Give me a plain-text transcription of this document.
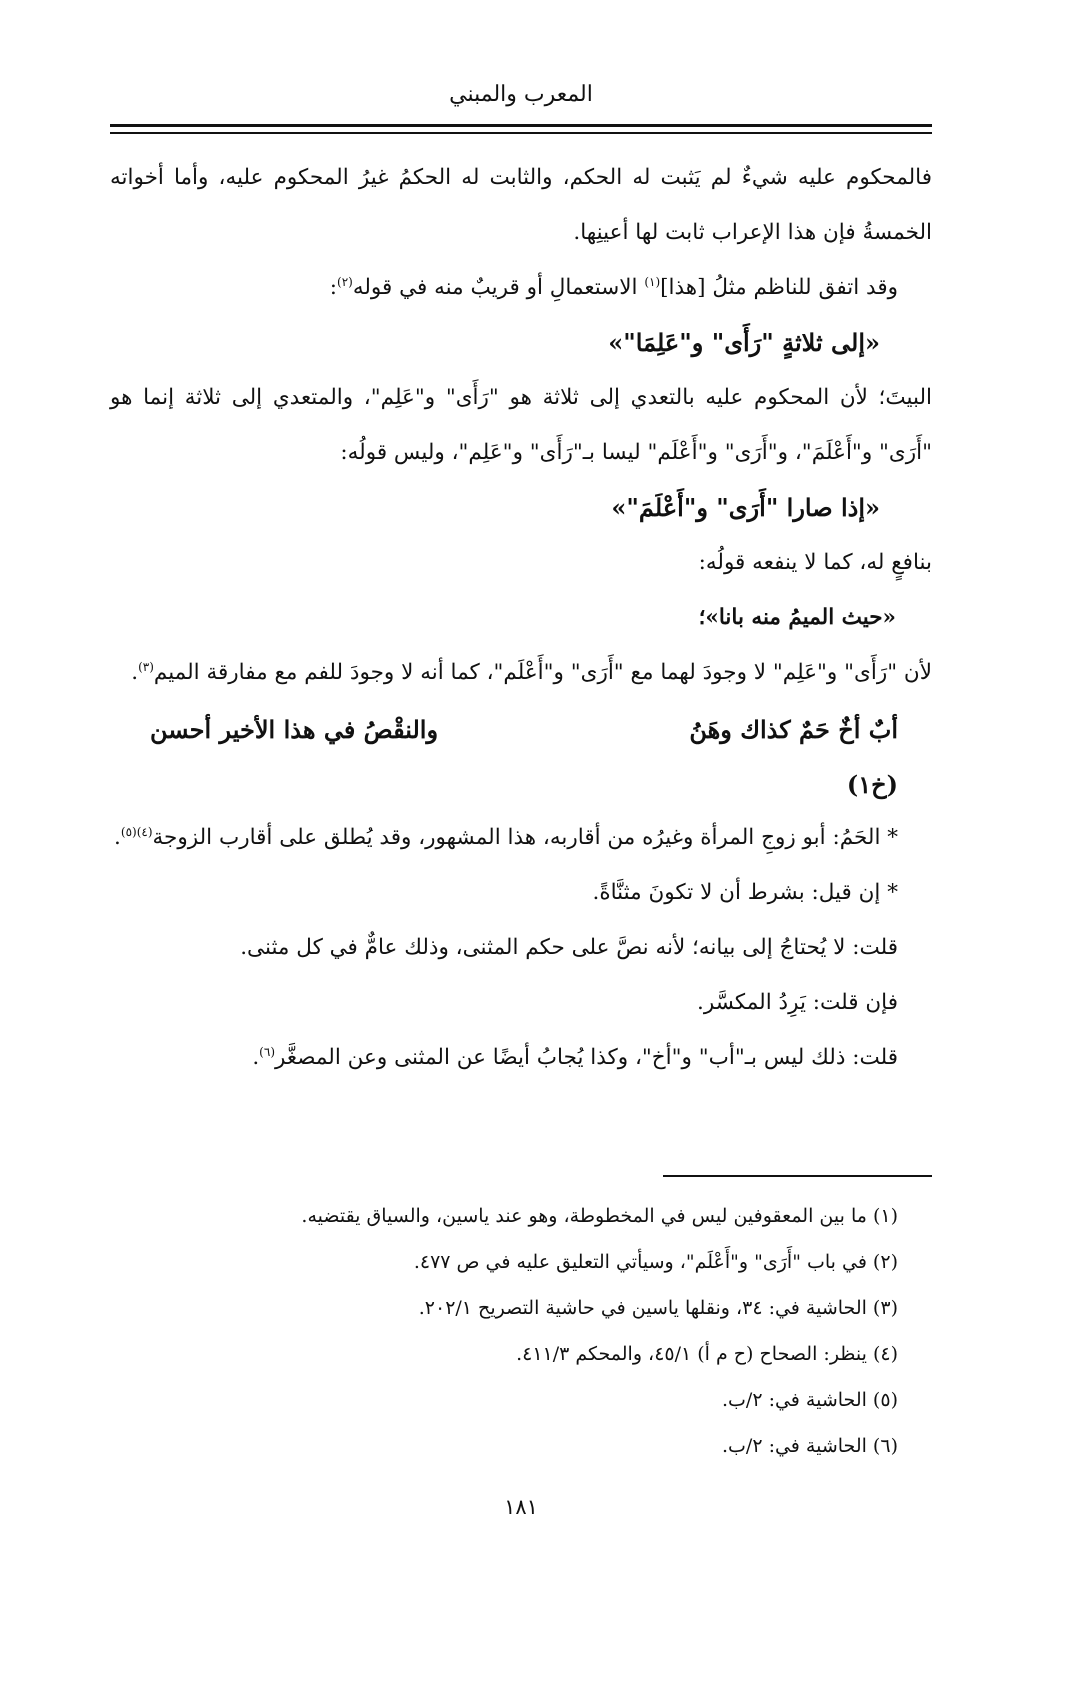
المعرب والمبني

فالمحكوم عليه شيءٌ لم يَثبت له الحكم، والثابت له الحكمُ غيرُ المحكوم عليه، وأما أخواته الخمسةُ فإن هذا الإعراب ثابت لها أعينِها.

وقد اتفق للناظم مثلُ [هذا]$^{(١)}$ الاستعمالِ أو قريبٌ منه في قوله$^{(٢)}$:

«إلى ثلاثةٍ "رَأَى" و"عَلِمَا"»

البيتَ؛ لأن المحكوم عليه بالتعدي إلى ثلاثة هو "رَأَى" و"عَلِم"، والمتعدي إلى ثلاثة إنما هو "أَرَى" و"أَعْلَمَ"، و"أَرَى" و"أَعْلَم" ليسا بـ"رَأَى" و"عَلِم"، وليس قولُه:

«إذا صارا "أَرَى" و"أَعْلَمَ"»

بنافعٍ له، كما لا ينفعه قولُه:

«حيث الميمُ منه بانا»؛

لأن "رَأَى" و"عَلِم" لا وجودَ لهما مع "أَرَى" و"أَعْلَم"، كما أنه لا وجودَ للفم مع مفارقة الميم$^{(٣)}$.

أبٌ أخٌ حَمٌ كذاك وهَنُ
والنقْصُ في هذا الأخير أحسن

(خ١)

* الحَمُ: أبو زوجِ المرأة وغيرُه من أقاربه، هذا المشهور، وقد يُطلق على أقارب الزوجة$^{(٤)(٥)}$.

* إن قيل: بشرط أن لا تكونَ مثنَّاةً.

قلت: لا يُحتاجُ إلى بيانه؛ لأنه نصَّ على حكم المثنى، وذلك عامٌّ في كل مثنى.

فإن قلت: يَرِدُ المكسَّر.

قلت: ذلك ليس بـ"أب" و"أخ"، وكذا يُجابُ أيضًا عن المثنى وعن المصغَّر$^{(٦)}$.

(١) ما بين المعقوفين ليس في المخطوطة، وهو عند ياسين، والسياق يقتضيه.
(٢) في باب "أَرَى" و"أَعْلَم"، وسيأتي التعليق عليه في ص ٤٧٧.
(٣) الحاشية في: ٣٤، ونقلها ياسين في حاشية التصريح ٢٠٢/١.
(٤) ينظر: الصحاح (ح م أ) ٤٥/١، والمحكم ٤١١/٣.
(٥) الحاشية في: ٢/ب.
(٦) الحاشية في: ٢/ب.
١٨١
